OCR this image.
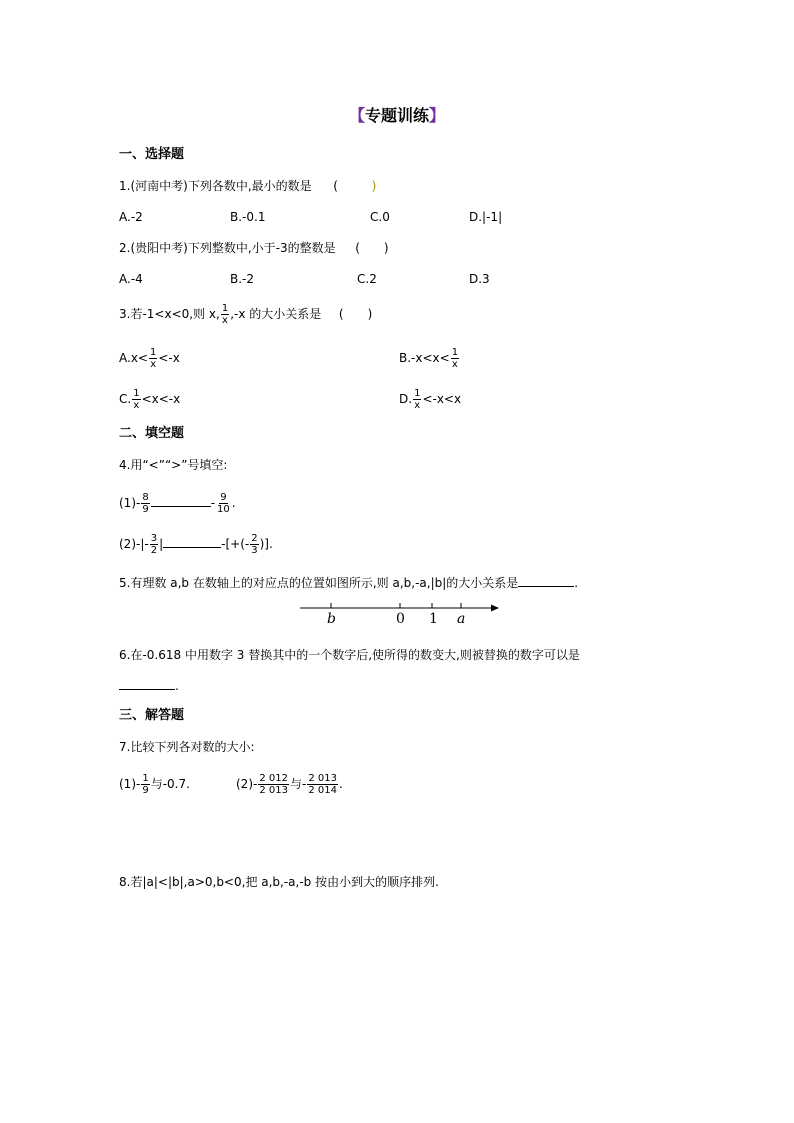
【专题训练】
一、选择题
1.(河南中考)下列各数中,最小的数是 (	)
A.-2	B.-0.1	C.0	D.|-1|
2.(贵阳中考)下列整数中,小于-3的整数是 (　　)
A.-4	B.-2	C.2	D.3
3.若-1<x<0,则 x, $\frac{1}{x} ,-x$ 的大小关系是 (　　)
$A.x< \frac{1}{x} <-x$	$B.-x<x< \frac{1}{x}$
C. $\frac{1}{x} <x<-x$	D. $\frac{1}{x} <-x<x$
二、填空题
4.用“<”“>”号填空:
$(1)- \frac{8}{9}$	- $\frac{9}{10}$ .
$(2)-|- \frac{3}{2}$ |	-[+(- $\frac{2}{3}$ )].
5.有理数 a,b 在数轴上的对应点的位置如图所示,则 a,b,-a,|b|的大小关系是	.
b	0 1 a
6.在-0.618 中用数字 3 替换其中的一个数字后,使所得的数变大,则被替换的数字可以是
.
三、解答题
7.比较下列各对数的大小:
$(1)- \frac{1}{9}$ 与-0.7.	$(2)- \frac{2 012}{2 013}$ 与- $\frac{2 013}{2 014}$ .
8.若|a|<|b|,a>0,b<0,把 a,b,-a,-b 按由小到大的顺序排列.
